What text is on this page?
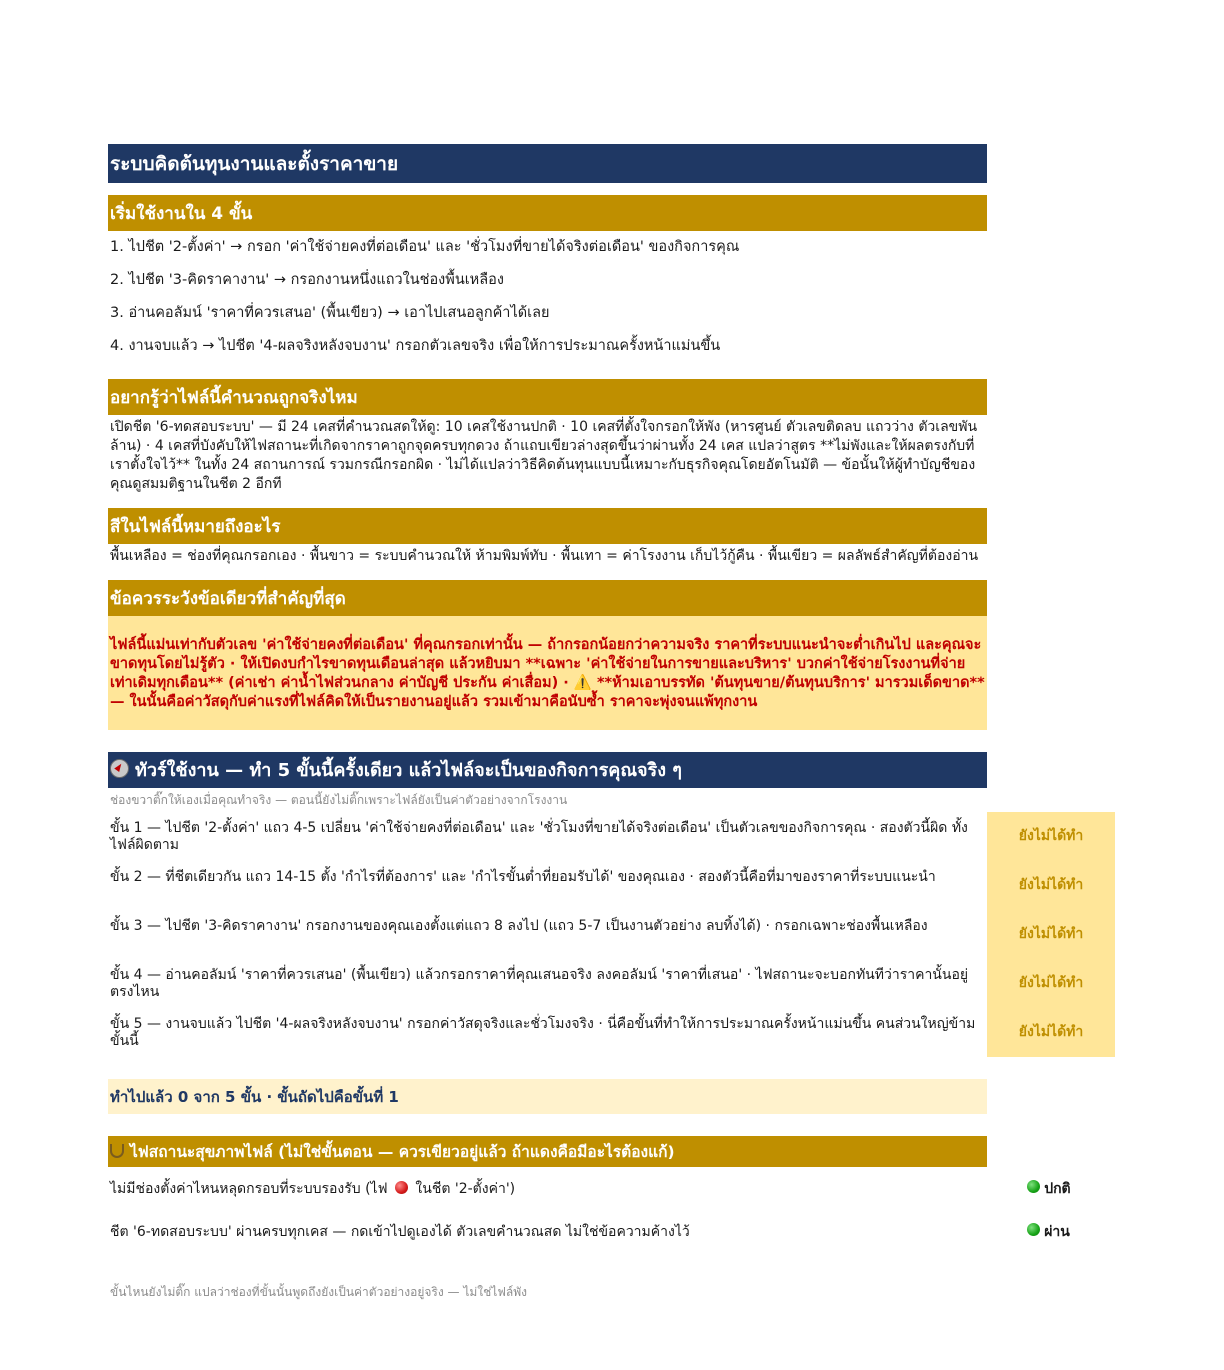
ระบบคิดต้นทุนงานและตั้งราคาขาย
เริ่มใช้งานใน 4 ขั้น
1. ไปชีต '2-ตั้งค่า' → กรอก 'ค่าใช้จ่ายคงที่ต่อเดือน' และ 'ชั่วโมงที่ขายได้จริงต่อเดือน' ของกิจการคุณ
2. ไปชีต '3-คิดราคางาน' → กรอกงานหนึ่งแถวในช่องพื้นเหลือง
3. อ่านคอลัมน์ 'ราคาที่ควรเสนอ' (พื้นเขียว) → เอาไปเสนอลูกค้าได้เลย
4. งานจบแล้ว → ไปชีต '4-ผลจริงหลังจบงาน' กรอกตัวเลขจริง เพื่อให้การประมาณครั้งหน้าแม่นขึ้น
อยากรู้ว่าไฟล์นี้คำนวณถูกจริงไหม
เปิดชีต '6-ทดสอบระบบ' — มี 24 เคสที่คำนวณสดให้ดู: 10 เคสใช้งานปกติ · 10 เคสที่ตั้งใจกรอกให้พัง (หารศูนย์ ตัวเลขติดลบ แถวว่าง ตัวเลขพันล้าน) · 4 เคสที่บังคับให้ไฟสถานะที่เกิดจากราคาถูกจุดครบทุกดวง ถ้าแถบเขียวล่างสุดขึ้นว่าผ่านทั้ง 24 เคส แปลว่าสูตร **ไม่พังและให้ผลตรงกับที่เราตั้งใจไว้** ในทั้ง 24 สถานการณ์ รวมกรณีกรอกผิด · ไม่ได้แปลว่าวิธีคิดต้นทุนแบบนี้เหมาะกับธุรกิจคุณโดยอัตโนมัติ — ข้อนั้นให้ผู้ทำบัญชีของคุณดูสมมติฐานในชีต 2 อีกที
สีในไฟล์นี้หมายถึงอะไร
พื้นเหลือง = ช่องที่คุณกรอกเอง · พื้นขาว = ระบบคำนวณให้ ห้ามพิมพ์ทับ · พื้นเทา = ค่าโรงงาน เก็บไว้กู้คืน · พื้นเขียว = ผลลัพธ์สำคัญที่ต้องอ่าน
ข้อควรระวังข้อเดียวที่สำคัญที่สุด
ไฟล์นี้แม่นเท่ากับตัวเลข 'ค่าใช้จ่ายคงที่ต่อเดือน' ที่คุณกรอกเท่านั้น — ถ้ากรอกน้อยกว่าความจริง ราคาที่ระบบแนะนำจะต่ำเกินไป และคุณจะขาดทุนโดยไม่รู้ตัว · ให้เปิดงบกำไรขาดทุนเดือนล่าสุด แล้วหยิบมา **เฉพาะ 'ค่าใช้จ่ายในการขายและบริหาร' บวกค่าใช้จ่ายโรงงานที่จ่ายเท่าเดิมทุกเดือน** (ค่าเช่า ค่าน้ำไฟส่วนกลาง ค่าบัญชี ประกัน ค่าเสื่อม) · ⚠️ **ห้ามเอาบรรทัด 'ต้นทุนขาย/ต้นทุนบริการ' มารวมเด็ดขาด** — ในนั้นคือค่าวัสดุกับค่าแรงที่ไฟล์คิดให้เป็นรายงานอยู่แล้ว รวมเข้ามาคือนับซ้ำ ราคาจะพุ่งจนแพ้ทุกงาน
ทัวร์ใช้งาน — ทำ 5 ขั้นนี้ครั้งเดียว แล้วไฟล์จะเป็นของกิจการคุณจริง ๆ
ช่องขวาติ๊กให้เองเมื่อคุณทำจริง — ตอนนี้ยังไม่ติ๊กเพราะไฟล์ยังเป็นค่าตัวอย่างจากโรงงาน
ขั้น 1 — ไปชีต '2-ตั้งค่า' แถว 4-5 เปลี่ยน 'ค่าใช้จ่ายคงที่ต่อเดือน' และ 'ชั่วโมงที่ขายได้จริงต่อเดือน' เป็นตัวเลขของกิจการคุณ · สองตัวนี้ผิด ทั้งไฟล์ผิดตาม
ยังไม่ได้ทำ
ขั้น 2 — ที่ชีตเดียวกัน แถว 14-15 ตั้ง 'กำไรที่ต้องการ' และ 'กำไรขั้นต่ำที่ยอมรับได้' ของคุณเอง · สองตัวนี้คือที่มาของราคาที่ระบบแนะนำ	ยังไม่ได้ทำ
ขั้น 3 — ไปชีต '3-คิดราคางาน' กรอกงานของคุณเองตั้งแต่แถว 8 ลงไป (แถว 5-7 เป็นงานตัวอย่าง ลบทิ้งได้) · กรอกเฉพาะช่องพื้นเหลือง	ยังไม่ได้ทำ
ขั้น 4 — อ่านคอลัมน์ 'ราคาที่ควรเสนอ' (พื้นเขียว) แล้วกรอกราคาที่คุณเสนอจริง ลงคอลัมน์ 'ราคาที่เสนอ' · ไฟสถานะจะบอกทันทีว่าราคานั้นอยู่ตรงไหน
ยังไม่ได้ทำ
ขั้น 5 — งานจบแล้ว ไปชีต '4-ผลจริงหลังจบงาน' กรอกค่าวัสดุจริงและชั่วโมงจริง · นี่คือขั้นที่ทำให้การประมาณครั้งหน้าแม่นขึ้น คนส่วนใหญ่ข้ามขั้นนี้
ยังไม่ได้ทำ
ทำไปแล้ว 0 จาก 5 ขั้น · ขั้นถัดไปคือขั้นที่ 1
ไฟสถานะสุขภาพไฟล์ (ไม่ใช่ขั้นตอน — ควรเขียวอยู่แล้ว ถ้าแดงคือมีอะไรต้องแก้)
ไม่มีช่องตั้งค่าไหนหลุดกรอบที่ระบบรองรับ (ไฟ  ในชีต '2-ตั้งค่า')	ปกติ
ชีต '6-ทดสอบระบบ' ผ่านครบทุกเคส — กดเข้าไปดูเองได้ ตัวเลขคำนวณสด ไม่ใช่ข้อความค้างไว้	ผ่าน
ขั้นไหนยังไม่ติ๊ก แปลว่าช่องที่ขั้นนั้นพูดถึงยังเป็นค่าตัวอย่างอยู่จริง — ไม่ใช่ไฟล์พัง
